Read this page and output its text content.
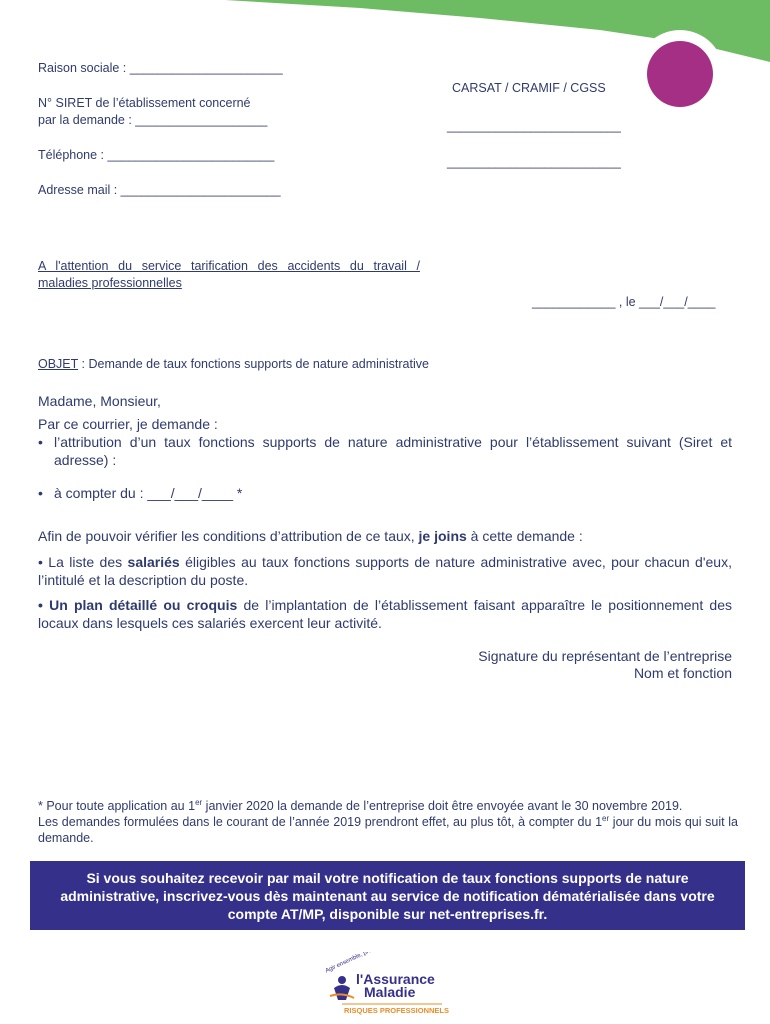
Raison sociale : ______________________
N° SIRET de l’établissement concerné
par la demande : ___________________
Téléphone : ________________________
Adresse mail : _______________________
CARSAT / CRAMIF / CGSS
_________________________
_________________________
A l'attention du service tarification des accidents du travail /
maladies professionnelles
____________ , le ___/___/____
OBJET : Demande de taux fonctions supports de nature administrative
Madame, Monsieur,
Par ce courrier, je demande :
• l’attribution d’un taux fonctions supports de nature administrative pour l’établissement suivant (Siret et adresse) :
• à compter du : ___/___/____ *
Afin de pouvoir vérifier les conditions d’attribution de ce taux, je joins à cette demande :
• La liste des salariés éligibles au taux fonctions supports de nature administrative avec, pour chacun d'eux, l’intitulé et la description du poste.
• Un plan détaillé ou croquis de l’implantation de l’établissement faisant apparaître le positionnement des locaux dans lesquels ces salariés exercent leur activité.
Signature du représentant de l’entreprise
Nom et fonction
* Pour toute application au 1er janvier 2020 la demande de l’entreprise doit être envoyée avant le 30 novembre 2019.
Les demandes formulées dans le courant de l’année 2019 prendront effet, au plus tôt, à compter du 1er jour du mois qui suit la demande.
Si vous souhaitez recevoir par mail votre notification de taux fonctions supports de nature administrative, inscrivez-vous dès maintenant au service de notification dématérialisée dans votre compte AT/MP, disponible sur net-entreprises.fr.
Agir ensemble, protéger chacun
l'Assurance
Maladie
RISQUES PROFESSIONNELS
